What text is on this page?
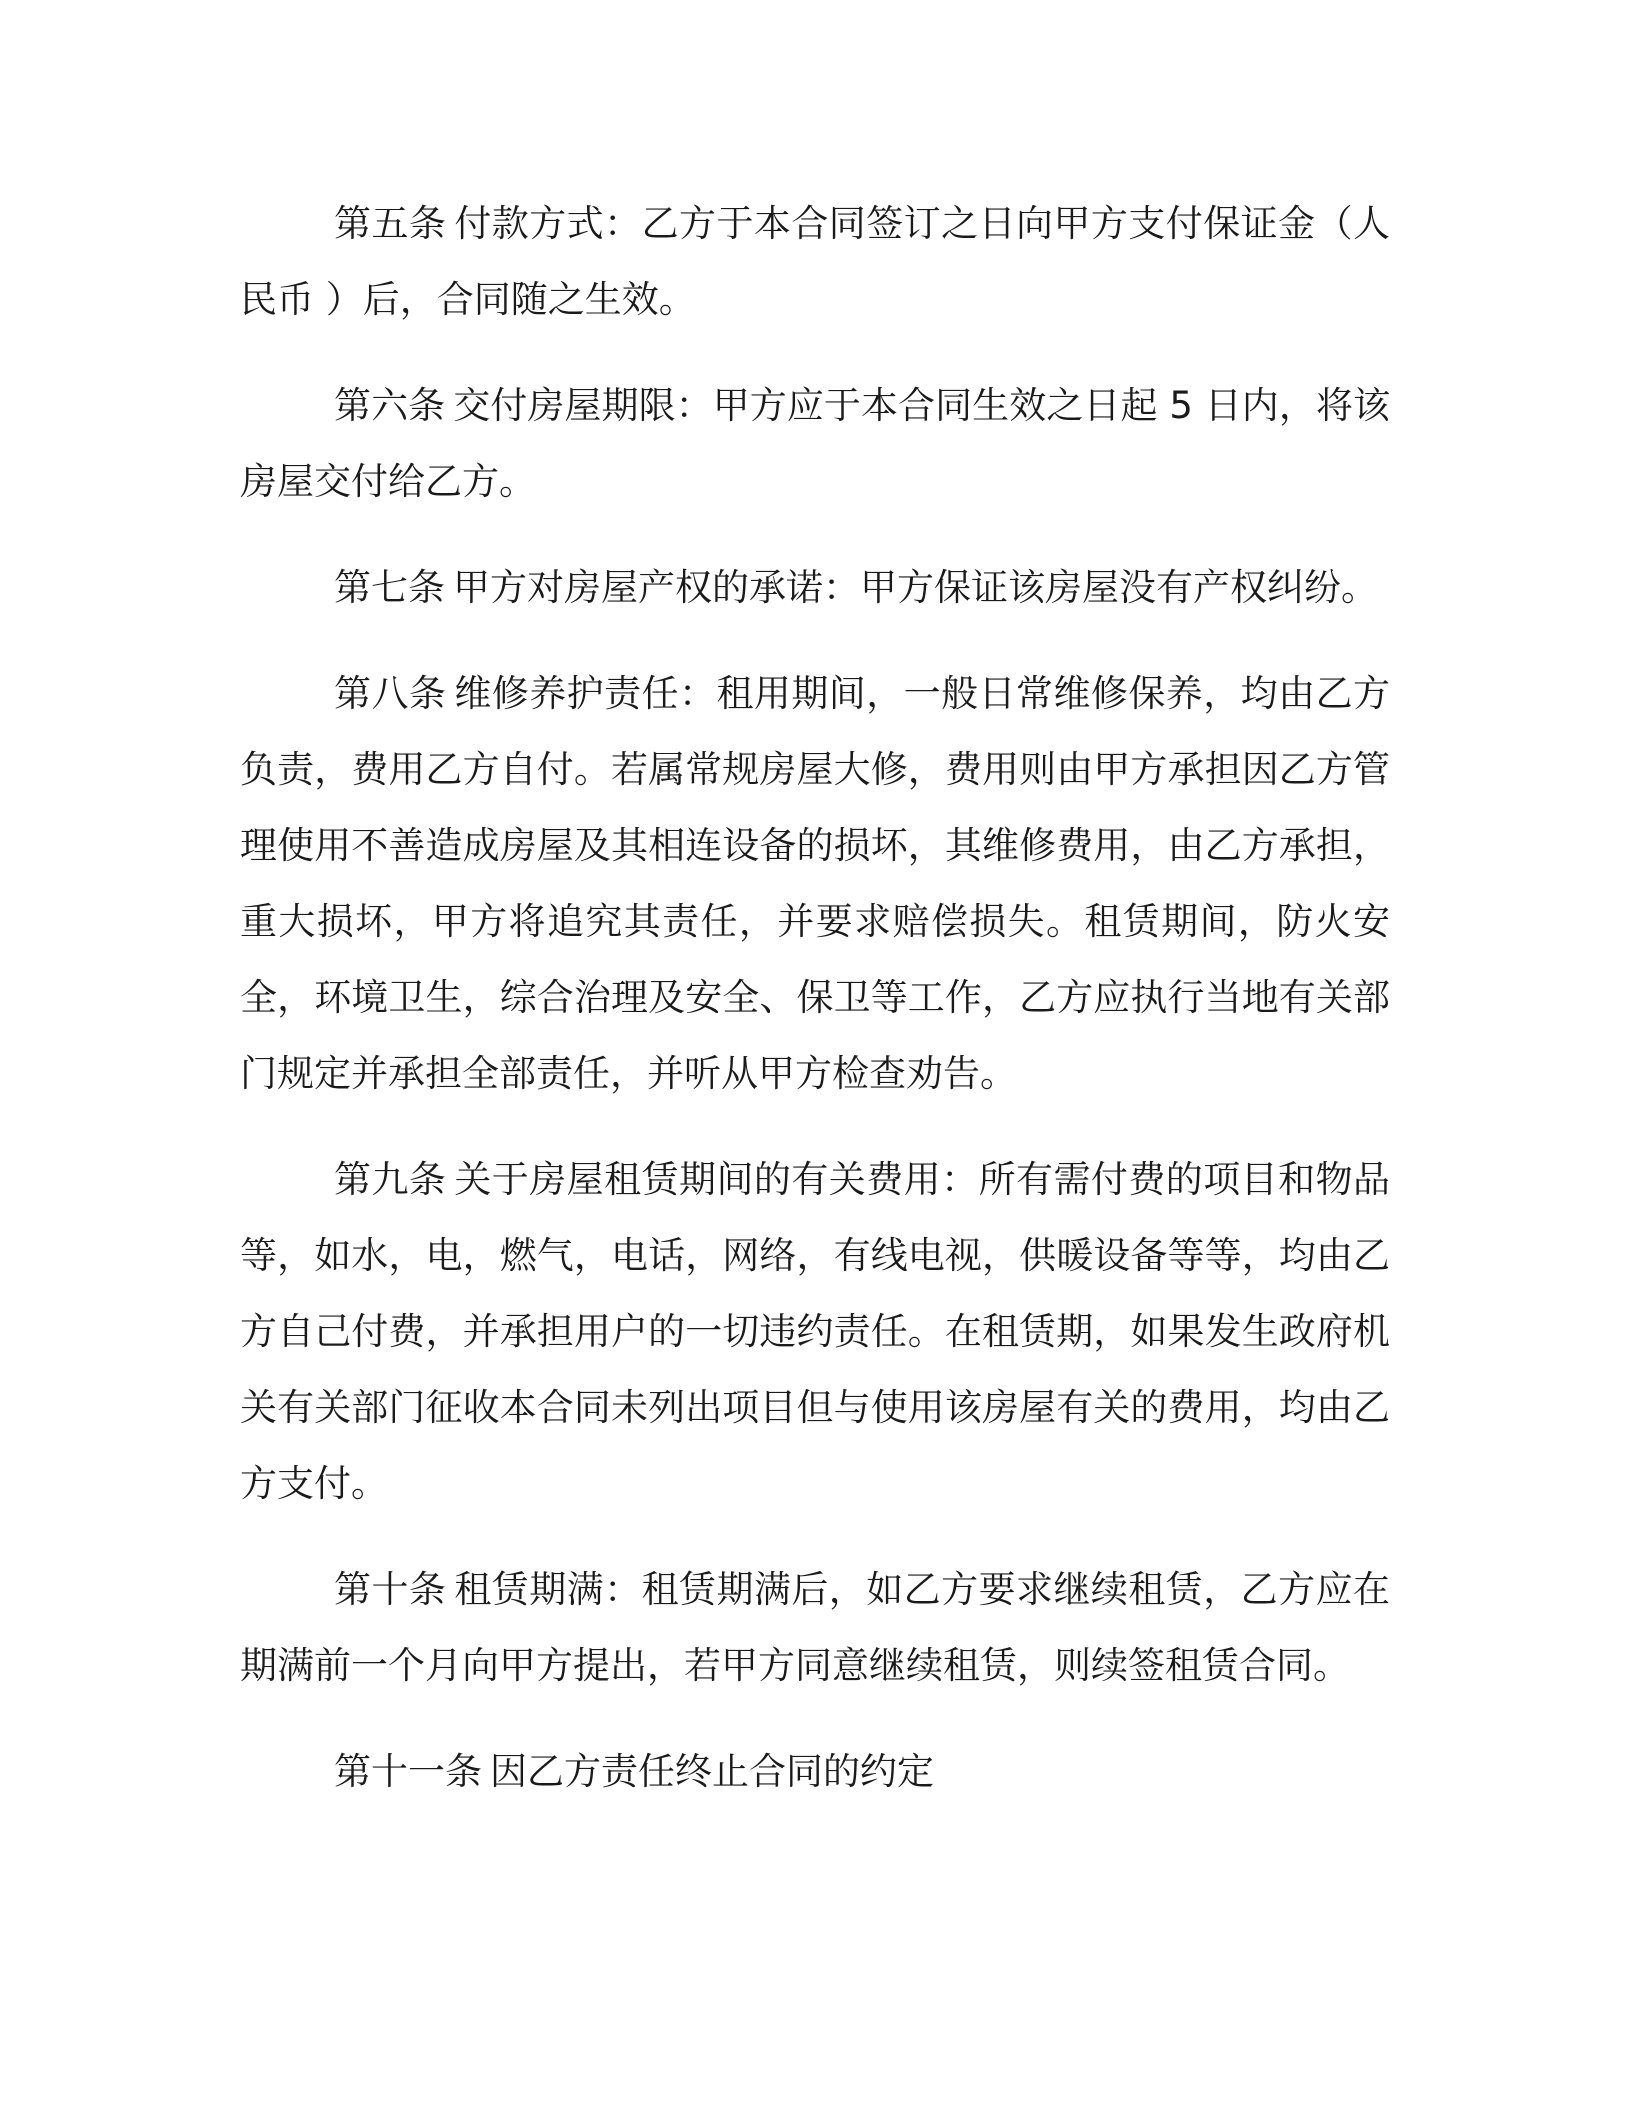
第五条 付款方式：乙方于本合同签订之日向甲方支付保证金（人民币 ）后，合同随之生效。

第六条 交付房屋期限：甲方应于本合同生效之日起 5 日内，将该房屋交付给乙方。

第七条 甲方对房屋产权的承诺：甲方保证该房屋没有产权纠纷。

第八条 维修养护责任：租用期间，一般日常维修保养，均由乙方负责，费用乙方自付。若属常规房屋大修，费用则由甲方承担因乙方管理使用不善造成房屋及其相连设备的损坏，其维修费用，由乙方承担，重大损坏，甲方将追究其责任，并要求赔偿损失。租赁期间，防火安全，环境卫生，综合治理及安全、保卫等工作，乙方应执行当地有关部门规定并承担全部责任，并听从甲方检查劝告。

第九条 关于房屋租赁期间的有关费用：所有需付费的项目和物品等，如水，电，燃气，电话，网络，有线电视，供暖设备等等，均由乙方自己付费，并承担用户的一切违约责任。在租赁期，如果发生政府机关有关部门征收本合同未列出项目但与使用该房屋有关的费用，均由乙方支付。

第十条 租赁期满：租赁期满后，如乙方要求继续租赁，乙方应在期满前一个月向甲方提出，若甲方同意继续租赁，则续签租赁合同。

第十一条 因乙方责任终止合同的约定
